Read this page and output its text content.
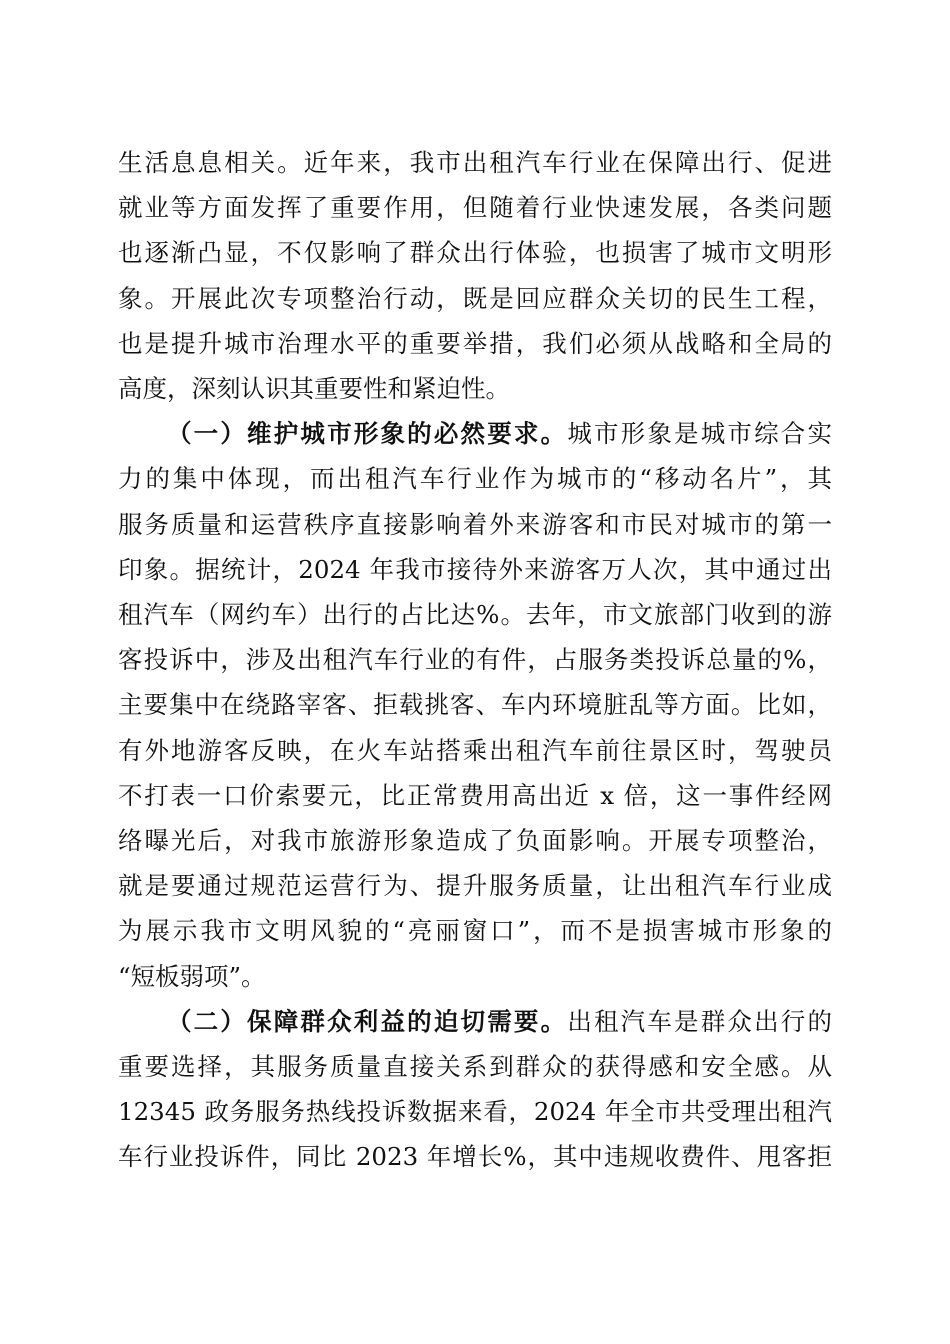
生活息息相关。近年来，我市出租汽车行业在保障出行、促进
就业等方面发挥了重要作用，但随着行业快速发展，各类问题
也逐渐凸显，不仅影响了群众出行体验，也损害了城市文明形
象。开展此次专项整治行动，既是回应群众关切的民生工程，
也是提升城市治理水平的重要举措，我们必须从战略和全局的
高度，深刻认识其重要性和紧迫性。

（一）维护城市形象的必然要求。城市形象是城市综合实
力的集中体现，而出租汽车行业作为城市的“移动名片”，其
服务质量和运营秩序直接影响着外来游客和市民对城市的第一
印象。据统计，2024 年我市接待外来游客万人次，其中通过出
租汽车（网约车）出行的占比达%。去年，市文旅部门收到的游
客投诉中，涉及出租汽车行业的有件，占服务类投诉总量的%，
主要集中在绕路宰客、拒载挑客、车内环境脏乱等方面。比如，
有外地游客反映，在火车站搭乘出租汽车前往景区时，驾驶员
不打表一口价索要元，比正常费用高出近 x 倍，这一事件经网
络曝光后，对我市旅游形象造成了负面影响。开展专项整治，
就是要通过规范运营行为、提升服务质量，让出租汽车行业成
为展示我市文明风貌的“亮丽窗口”，而不是损害城市形象的
“短板弱项”。

（二）保障群众利益的迫切需要。出租汽车是群众出行的
重要选择，其服务质量直接关系到群众的获得感和安全感。从
12345 政务服务热线投诉数据来看，2024 年全市共受理出租汽
车行业投诉件，同比 2023 年增长%，其中违规收费件、甩客拒
